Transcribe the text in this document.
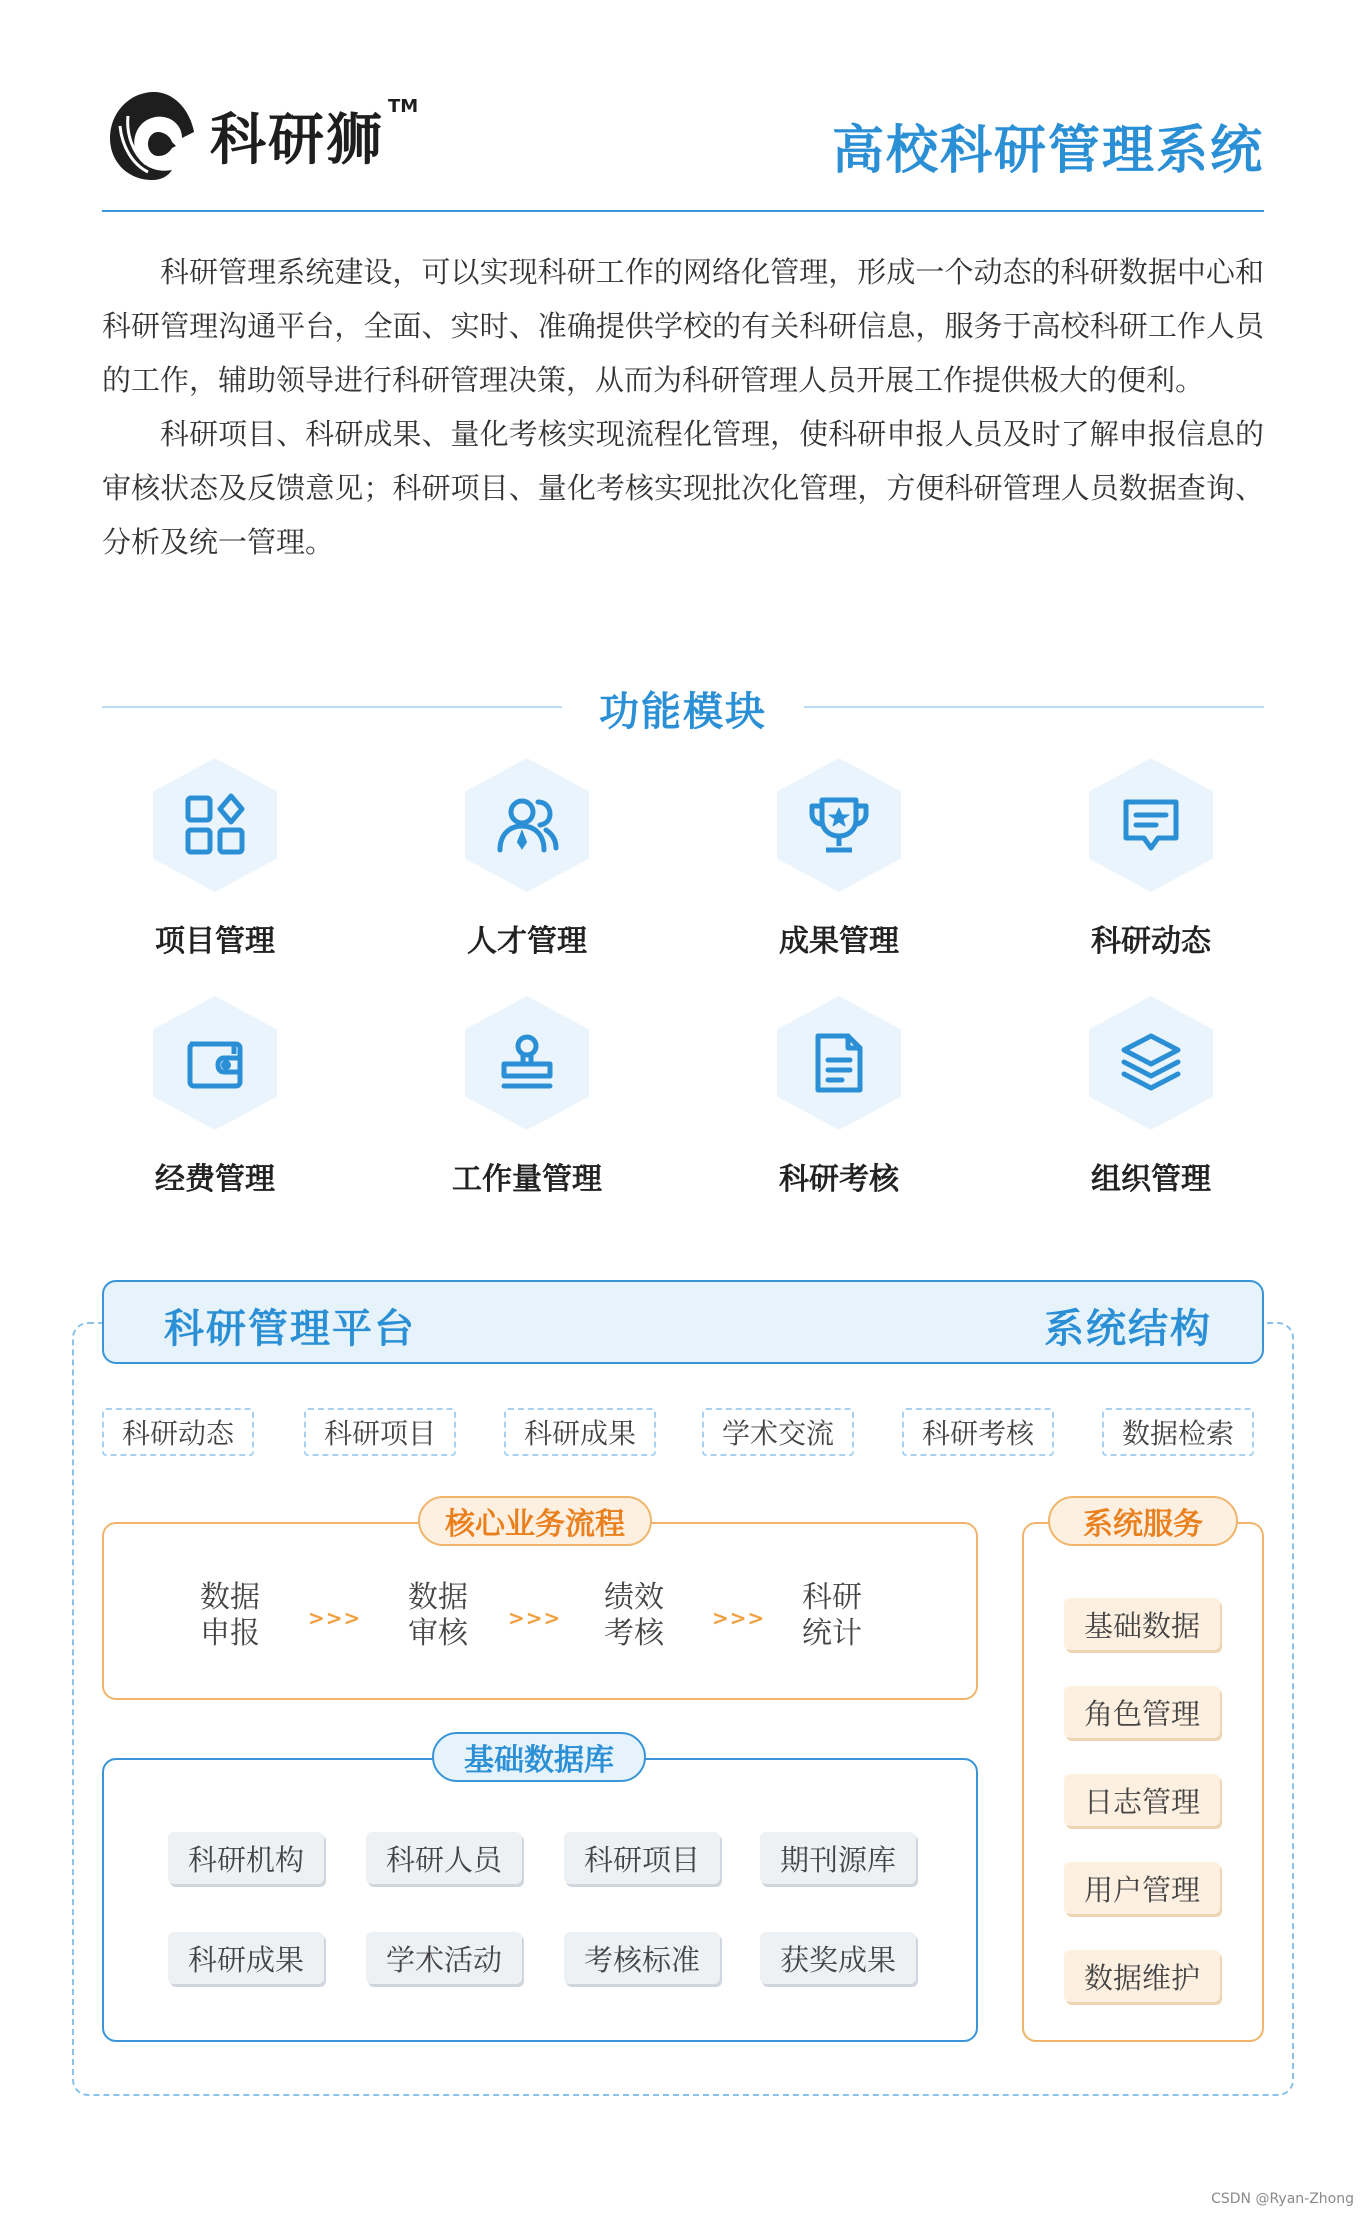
科研狮
TM
高校科研管理系统

科研管理系统建设，可以实现科研工作的网络化管理，形成一个动态的科研数据中心和科研管理沟通平台，全面、实时、准确提供学校的有关科研信息，服务于高校科研工作人员的工作，辅助领导进行科研管理决策，从而为科研管理人员开展工作提供极大的便利。

科研项目、科研成果、量化考核实现流程化管理，使科研申报人员及时了解申报信息的审核状态及反馈意见；科研项目、量化考核实现批次化管理，方便科研管理人员数据查询、分析及统一管理。

功能模块
项目管理	人才管理	成果管理	科研动态
经费管理	工作量管理	科研考核	组织管理
科研管理平台	系统结构
科研动态	科研项目	科研成果	学术交流	科研考核	数据检索
核心业务流程
数据
申报	>>>
数据
审核	>>>
绩效
考核	>>>
科研
统计
基础数据库
科研机构	科研人员	科研项目	期刊源库
科研成果	学术活动	考核标准	获奖成果
系统服务
基础数据
角色管理
日志管理
用户管理
数据维护
CSDN @Ryan-Zhong
